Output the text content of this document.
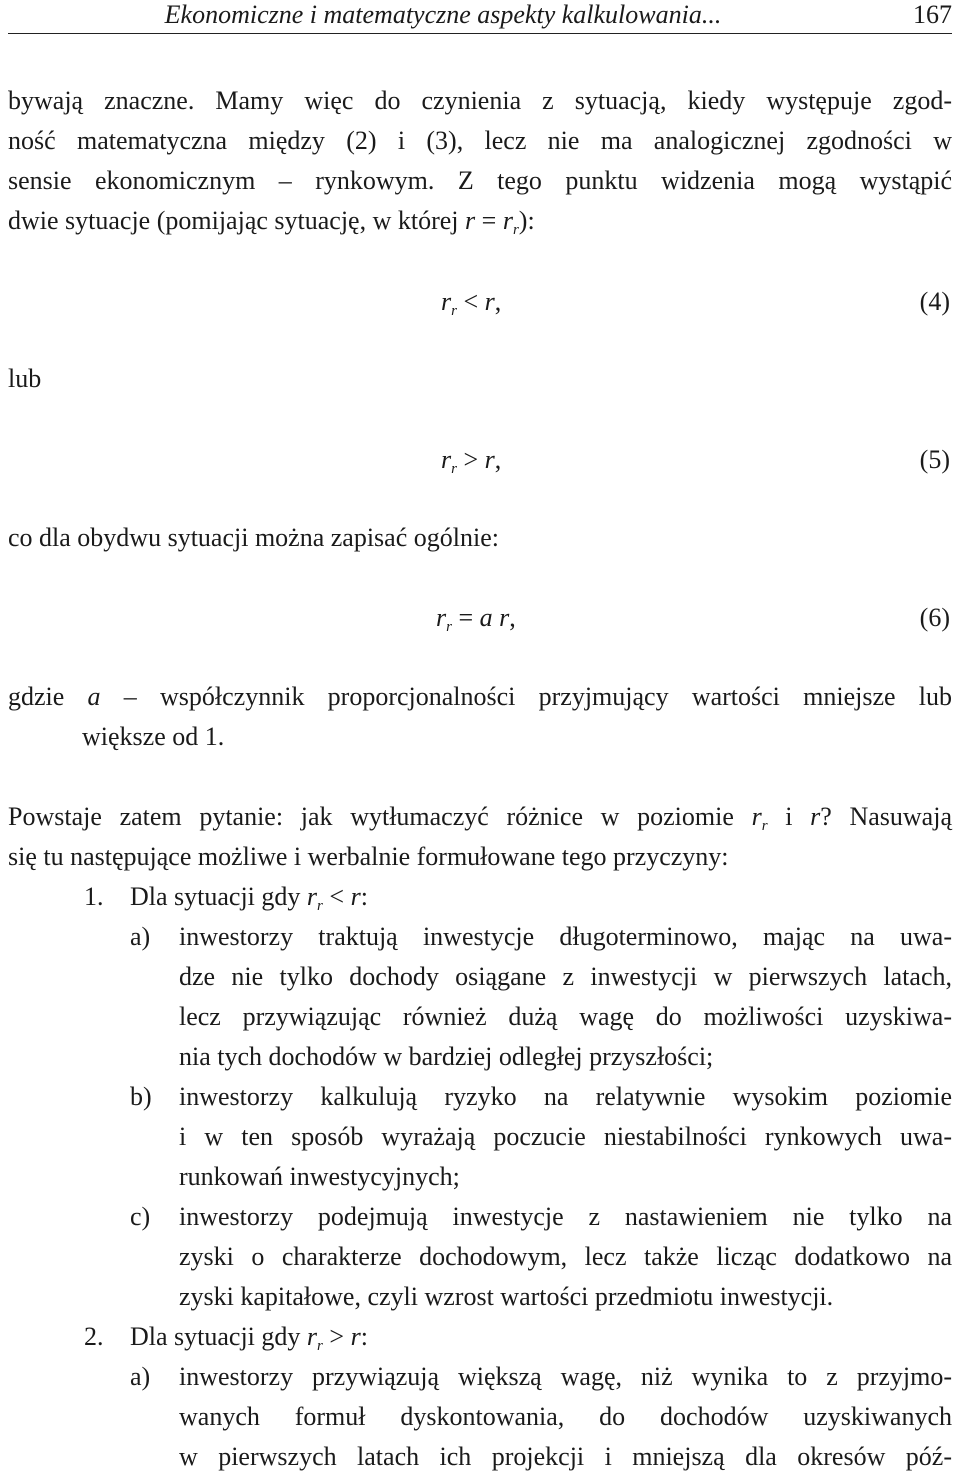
Ekonomiczne i matematyczne aspekty kalkulowania...	167
bywają znaczne. Mamy więc do czynienia z sytuacją, kiedy występuje zgod-
ność matematyczna między (2) i (3), lecz nie ma analogicznej zgodności w
sensie ekonomicznym – rynkowym. Z tego punktu widzenia mogą wystąpić
dwie sytuacje (pomijając sytuację, w której $r = r_r$):
$r_r < r$,	(4)
lub
$r_r > r$,	(5)
co dla obydwu sytuacji można zapisać ogólnie:
$r_r = a$ r,	(6)
gdzie a – współczynnik proporcjonalności przyjmujący wartości mniejsze lub
większe od 1.
Powstaje zatem pytanie: jak wytłumaczyć różnice w poziomie $r_r$ i r? Nasuwają
się tu następujące możliwe i werbalnie formułowane tego przyczyny:
1. Dla sytuacji gdy $r_r < r$:
a) inwestorzy traktują inwestycje długoterminowo, mając na uwa-
dze nie tylko dochody osiągane z inwestycji w pierwszych latach,
lecz przywiązując również dużą wagę do możliwości uzyskiwa-
nia tych dochodów w bardziej odległej przyszłości;
b) inwestorzy kalkulują ryzyko na relatywnie wysokim poziomie
i w ten sposób wyrażają poczucie niestabilności rynkowych uwa-
runkowań inwestycyjnych;
c) inwestorzy podejmują inwestycje z nastawieniem nie tylko na
zyski o charakterze dochodowym, lecz także licząc dodatkowo na
zyski kapitałowe, czyli wzrost wartości przedmiotu inwestycji.
2. Dla sytuacji gdy $r_r > r$:
a) inwestorzy przywiązują większą wagę, niż wynika to z przyjmo-
wanych formuł dyskontowania, do dochodów uzyskiwanych
w pierwszych latach ich projekcji i mniejszą dla okresów póź-
